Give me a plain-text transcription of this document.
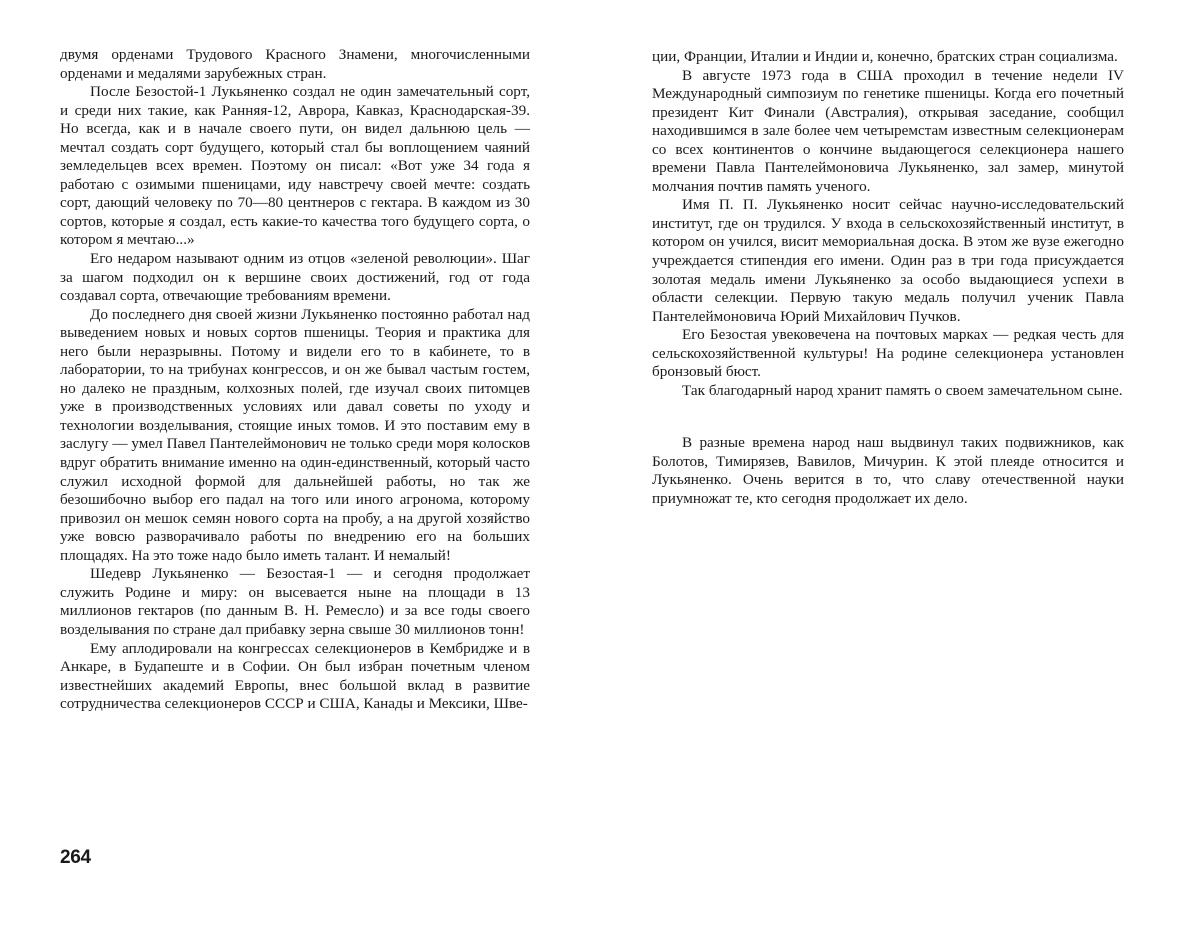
двумя орденами Трудового Красного Знамени, многочисленными орденами и медалями зарубежных стран.

После Безостой-1 Лукьяненко создал не один замечательный сорт, и среди них такие, как Ранняя-12, Аврора, Кавказ, Краснодарская-39. Но всегда, как и в начале своего пути, он видел дальнюю цель — мечтал создать сорт будущего, который стал бы воплощением чаяний земледельцев всех времен. Поэтому он писал: «Вот уже 34 года я работаю с озимыми пшеницами, иду навстречу своей мечте: создать сорт, дающий человеку по 70—80 центнеров с гектара. В каждом из 30 сортов, которые я создал, есть какие-то качества того будущего сорта, о котором я мечтаю...»

Его недаром называют одним из отцов «зеленой революции». Шаг за шагом подходил он к вершине своих достижений, год от года создавал сорта, отвечающие требованиям времени.

До последнего дня своей жизни Лукьяненко постоянно работал над выведением новых и новых сортов пшеницы. Теория и практика для него были неразрывны. Потому и видели его то в кабинете, то в лаборатории, то на трибунах конгрессов, и он же бывал частым гостем, но далеко не праздным, колхозных полей, где изучал своих питомцев уже в производственных условиях или давал советы по уходу и технологии возделывания, стоящие иных томов. И это поставим ему в заслугу — умел Павел Пантелеймонович не только среди моря колосков вдруг обратить внимание именно на один-единственный, который часто служил исходной формой для дальнейшей работы, но так же безошибочно выбор его падал на того или иного агронома, которому привозил он мешок семян нового сорта на пробу, а на другой хозяйство уже вовсю разворачивало работы по внедрению его на больших площадях. На это тоже надо было иметь талант. И немалый!

Шедевр Лукьяненко — Безостая-1 — и сегодня продолжает служить Родине и миру: он высевается ныне на площади в 13 миллионов гектаров (по данным В. Н. Ремесло) и за все годы своего возделывания по стране дал прибавку зерна свыше 30 миллионов тонн!

Ему аплодировали на конгрессах селекционеров в Кембридже и в Анкаре, в Будапеште и в Софии. Он был избран почетным членом известнейших академий Европы, внес большой вклад в развитие сотрудничества селекционеров СССР и США, Канады и Мексики, Шве-

264

ции, Франции, Италии и Индии и, конечно, братских стран социализма.

В августе 1973 года в США проходил в течение недели IV Международный симпозиум по генетике пшеницы. Когда его почетный президент Кит Финали (Австралия), открывая заседание, сообщил находившимся в зале более чем четыремстам известным селекционерам со всех континентов о кончине выдающегося селекционера нашего времени Павла Пантелеймоновича Лукьяненко, зал замер, минутой молчания почтив память ученого.

Имя П. П. Лукьяненко носит сейчас научно-исследовательский институт, где он трудился. У входа в сельскохозяйственный институт, в котором он учился, висит мемориальная доска. В этом же вузе ежегодно учреждается стипендия его имени. Один раз в три года присуждается золотая медаль имени Лукьяненко за особо выдающиеся успехи в области селекции. Первую такую медаль получил ученик Павла Пантелеймоновича Юрий Михайлович Пучков.

Его Безостая увековечена на почтовых марках — редкая честь для сельскохозяйственной культуры! На родине селекционера установлен бронзовый бюст.

Так благодарный народ хранит память о своем замечательном сыне.

В разные времена народ наш выдвинул таких подвижников, как Болотов, Тимирязев, Вавилов, Мичурин. К этой плеяде относится и Лукьяненко. Очень верится в то, что славу отечественной науки приумножат те, кто сегодня продолжает их дело.
